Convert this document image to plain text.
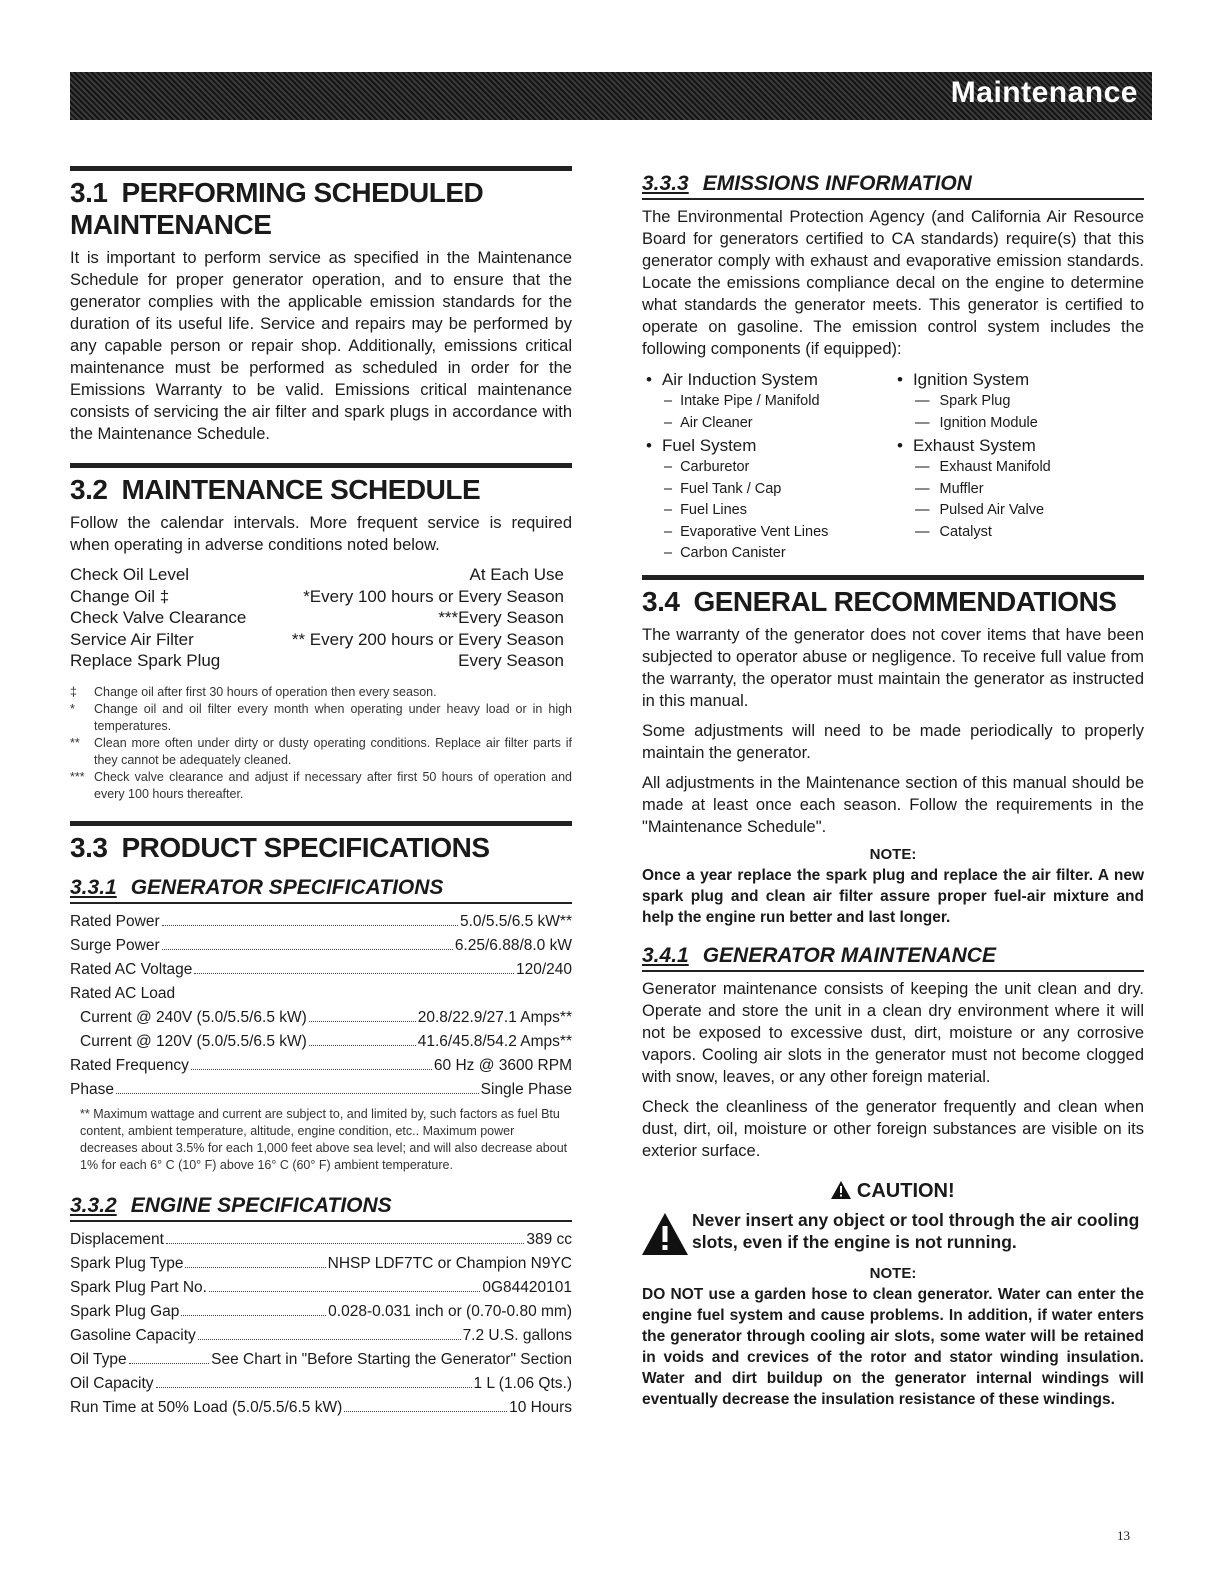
Maintenance
3.1 PERFORMING SCHEDULED MAINTENANCE

It is important to perform service as specified in the Maintenance Schedule for proper generator operation, and to ensure that the generator complies with the applicable emission standards for the duration of its useful life. Service and repairs may be performed by any capable person or repair shop. Additionally, emissions critical maintenance must be performed as scheduled in order for the Emissions Warranty to be valid. Emissions critical maintenance consists of servicing the air filter and spark plugs in accordance with the Maintenance Schedule.

3.2 MAINTENANCE SCHEDULE

Follow the calendar intervals. More frequent service is required when operating in adverse conditions noted below.

Check Oil Level	At Each Use
Change Oil ‡	*Every 100 hours or Every Season
Check Valve Clearance	***Every Season
Service Air Filter	** Every 200 hours or Every Season
Replace Spark Plug	Every Season
‡	Change oil after first 30 hours of operation then every season.
*	Change oil and oil filter every month when operating under heavy load or in high temperatures.
**	Clean more often under dirty or dusty operating conditions. Replace air filter parts if they cannot be adequately cleaned.
*** Check valve clearance and adjust if necessary after first 50 hours of operation and every 100 hours thereafter.
3.3 PRODUCT SPECIFICATIONS
3.3.1 GENERATOR SPECIFICATIONS
Rated Power	5.0/5.5/6.5 kW**
Surge Power	6.25/6.88/8.0 kW
Rated AC Voltage	120/240
Rated AC Load
Current @ 240V (5.0/5.5/6.5 kW)	20.8/22.9/27.1 Amps**
Current @ 120V (5.0/5.5/6.5 kW)	41.6/45.8/54.2 Amps**
Rated Frequency	60 Hz @ 3600 RPM
Phase	Single Phase
** Maximum wattage and current are subject to, and limited by, such factors as fuel Btu content, ambient temperature, altitude, engine condition, etc.. Maximum power decreases about 3.5% for each 1,000 feet above sea level; and will also decrease about 1% for each 6° C (10° F) above 16° C (60° F) ambient temperature.
3.3.2 ENGINE SPECIFICATIONS
Displacement	389 cc
Spark Plug Type	NHSP LDF7TC or Champion N9YC
Spark Plug Part No.	0G84420101
Spark Plug Gap	0.028-0.031 inch or (0.70-0.80 mm)
Gasoline Capacity	7.2 U.S. gallons
Oil Type	See Chart in "Before Starting the Generator" Section
Oil Capacity	1 L (1.06 Qts.)
Run Time at 50% Load (5.0/5.5/6.5 kW)	10 Hours
3.3.3 EMISSIONS INFORMATION

The Environmental Protection Agency (and California Air Resource Board for generators certified to CA standards) require(s) that this generator comply with exhaust and evaporative emission standards. Locate the emissions compliance decal on the engine to determine what standards the generator meets. This generator is certified to operate on gasoline. The emission control system includes the following components (if equipped):

• Air Induction System
– Intake Pipe / Manifold
– Air Cleaner
• Fuel System
– Carburetor
– Fuel Tank / Cap
– Fuel Lines
– Evaporative Vent Lines
– Carbon Canister
• Ignition System
— Spark Plug
— Ignition Module
• Exhaust System
— Exhaust Manifold
— Muffler
— Pulsed Air Valve
— Catalyst
3.4 GENERAL RECOMMENDATIONS

The warranty of the generator does not cover items that have been subjected to operator abuse or negligence. To receive full value from the warranty, the operator must maintain the generator as instructed in this manual.

Some adjustments will need to be made periodically to properly maintain the generator.

All adjustments in the Maintenance section of this manual should be made at least once each season. Follow the requirements in the "Maintenance Schedule".

NOTE:
Once a year replace the spark plug and replace the air filter. A new spark plug and clean air filter assure proper fuel-air mixture and help the engine run better and last longer.
3.4.1 GENERATOR MAINTENANCE

Generator maintenance consists of keeping the unit clean and dry. Operate and store the unit in a clean dry environment where it will not be exposed to excessive dust, dirt, moisture or any corrosive vapors. Cooling air slots in the generator must not become clogged with snow, leaves, or any other foreign material.

Check the cleanliness of the generator frequently and clean when dust, dirt, oil, moisture or other foreign substances are visible on its exterior surface.

CAUTION!
Never insert any object or tool through the air cooling slots, even if the engine is not running.
NOTE:
DO NOT use a garden hose to clean generator. Water can enter the engine fuel system and cause problems. In addition, if water enters the generator through cooling air slots, some water will be retained in voids and crevices of the rotor and stator winding insulation. Water and dirt buildup on the generator internal windings will eventually decrease the insulation resistance of these windings.
13
